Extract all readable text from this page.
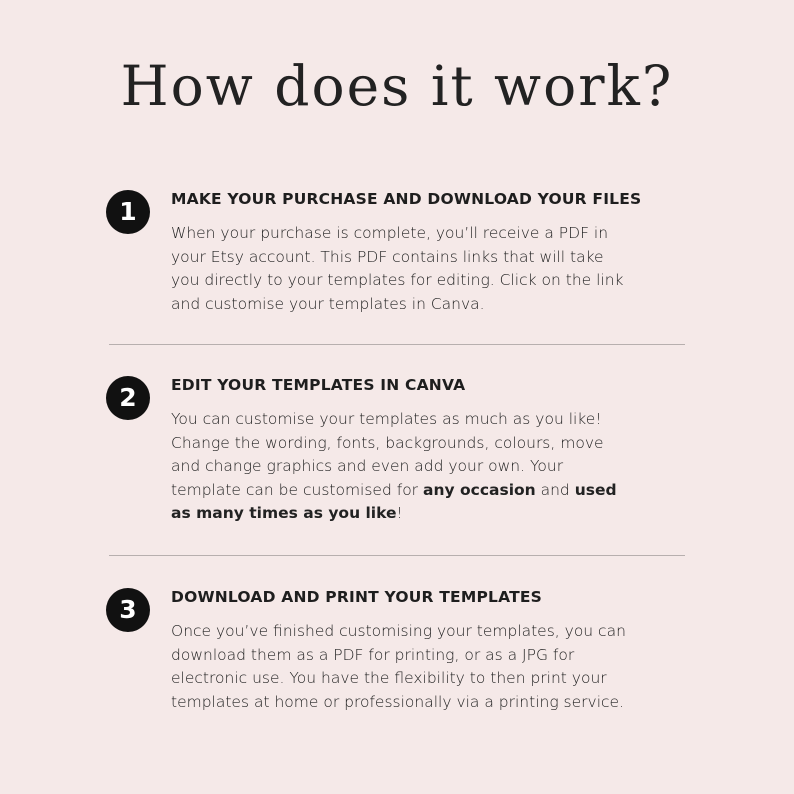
How does it work?
1	MAKE YOUR PURCHASE AND DOWNLOAD YOUR FILES
When your purchase is complete, you’ll receive a PDF in
your Etsy account. This PDF contains links that will take
you directly to your templates for editing. Click on the link
and customise your templates in Canva.
2	EDIT YOUR TEMPLATES IN CANVA
You can customise your templates as much as you like!
Change the wording, fonts, backgrounds, colours, move
and change graphics and even add your own. Your
template can be customised for any occasion and used
as many times as you like!
3	DOWNLOAD AND PRINT YOUR TEMPLATES
Once you’ve finished customising your templates, you can
download them as a PDF for printing, or as a JPG for
electronic use. You have the flexibility to then print your
templates at home or professionally via a printing service.
